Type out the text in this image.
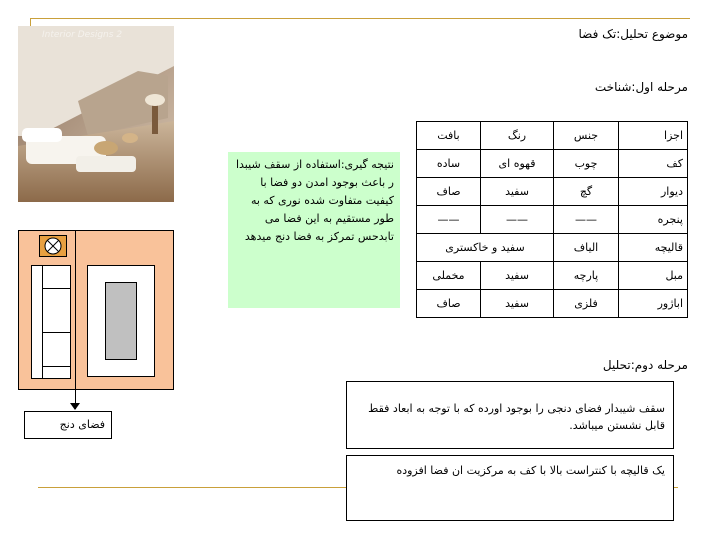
موضوع تحلیل:تک فضا
مرحله اول:شناخت
مرحله دوم:تحلیل
Interior Designs 2
اجزا	جنس	رنگ	بافت
کف	چوب	قهوه ای	ساده
دیوار	گچ	سفید	صاف
پنجره	——	——	——
قالیچه	الیاف	سفید و خاکستری	
مبل	پارچه	سفید	مخملی
اباژور	فلزی	سفید	صاف
نتیجه گیری:استفاده از سقف شیبدا ر باعث بوجود امدن دو فضا با کیفیت متفاوت شده نوری که به طور مستقیم به این فضا می تابدحس تمرکز به فضا دنج میدهد
فضای دنج
سقف شیبدار فضای دنجی را بوجود اورده که با توجه به ابعاد فقط قابل نشستن میباشد.
یک قالیچه با کنتراست بالا با کف به مرکزیت ان فضا افزوده
